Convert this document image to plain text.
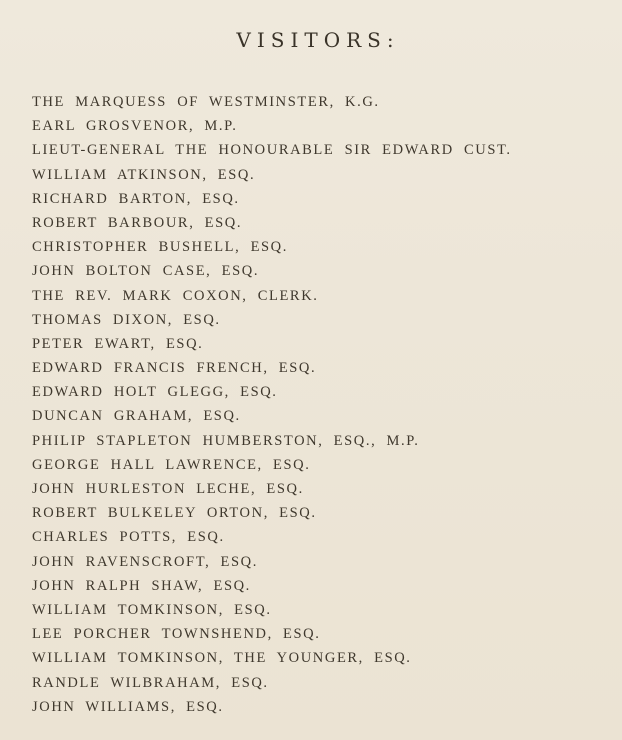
VISITORS:
THE MARQUESS OF WESTMINSTER, K.G.
EARL GROSVENOR, M.P.
LIEUT-GENERAL THE HONOURABLE SIR EDWARD CUST.
WILLIAM ATKINSON, ESQ.
RICHARD BARTON, ESQ.
ROBERT BARBOUR, ESQ.
CHRISTOPHER BUSHELL, ESQ.
JOHN BOLTON CASE, ESQ.
THE REV. MARK COXON, CLERK.
THOMAS DIXON, ESQ.
PETER EWART, ESQ.
EDWARD FRANCIS FRENCH, ESQ.
EDWARD HOLT GLEGG, ESQ.
DUNCAN GRAHAM, ESQ.
PHILIP STAPLETON HUMBERSTON, ESQ., M.P.
GEORGE HALL LAWRENCE, ESQ.
JOHN HURLESTON LECHE, ESQ.
ROBERT BULKELEY ORTON, ESQ.
CHARLES POTTS, ESQ.
JOHN RAVENSCROFT, ESQ.
JOHN RALPH SHAW, ESQ.
WILLIAM TOMKINSON, ESQ.
LEE PORCHER TOWNSHEND, ESQ.
WILLIAM TOMKINSON, THE YOUNGER, ESQ.
RANDLE WILBRAHAM, ESQ.
JOHN WILLIAMS, ESQ.
